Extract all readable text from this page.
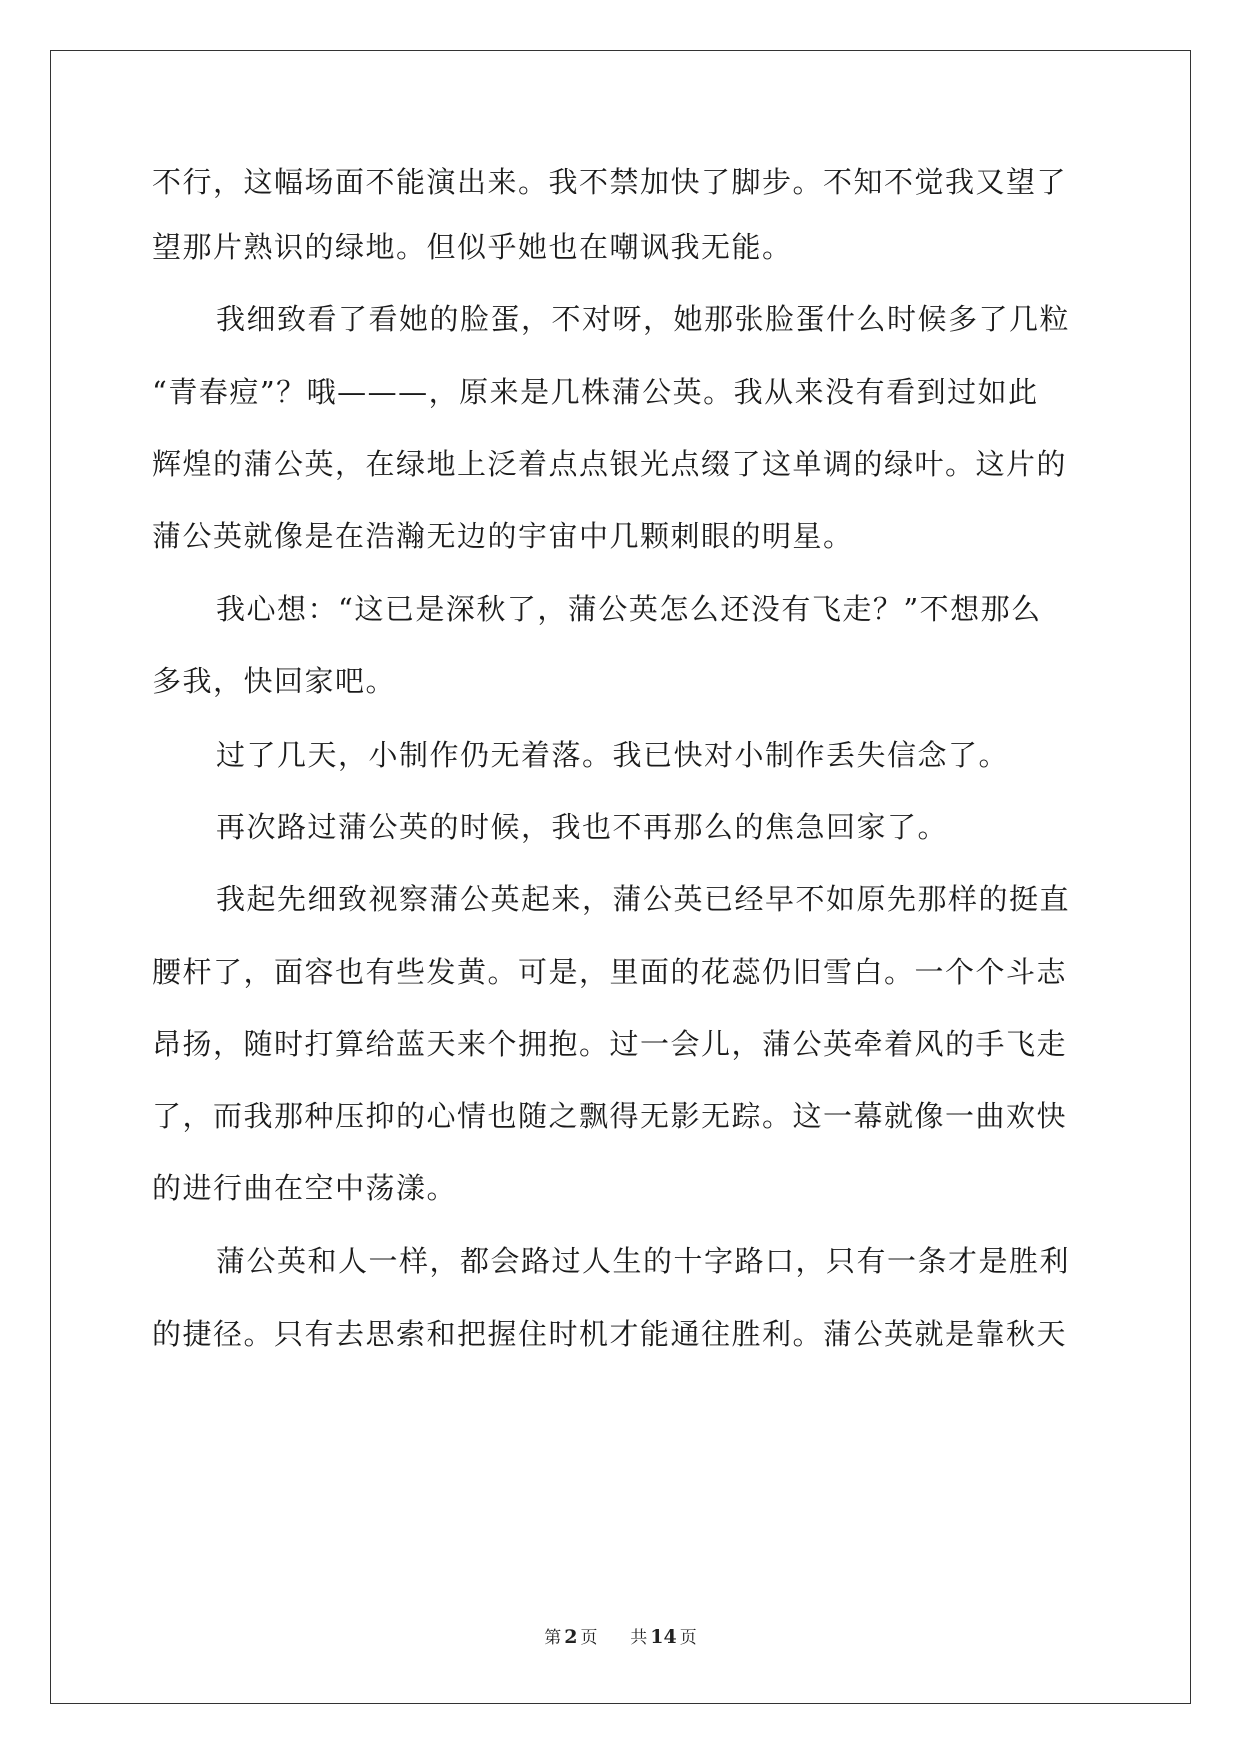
不行，这幅场面不能演出来。我不禁加快了脚步。不知不觉我又望了
望那片熟识的绿地。但似乎她也在嘲讽我无能。
我细致看了看她的脸蛋，不对呀，她那张脸蛋什么时候多了几粒
“青春痘”？哦———，原来是几株蒲公英。我从来没有看到过如此
辉煌的蒲公英，在绿地上泛着点点银光点缀了这单调的绿叶。这片的
蒲公英就像是在浩瀚无边的宇宙中几颗刺眼的明星。
我心想：“这已是深秋了，蒲公英怎么还没有飞走？”不想那么
多我，快回家吧。
过了几天，小制作仍无着落。我已快对小制作丢失信念了。
再次路过蒲公英的时候，我也不再那么的焦急回家了。
我起先细致视察蒲公英起来，蒲公英已经早不如原先那样的挺直
腰杆了，面容也有些发黄。可是，里面的花蕊仍旧雪白。一个个斗志
昂扬，随时打算给蓝天来个拥抱。过一会儿，蒲公英牵着风的手飞走
了，而我那种压抑的心情也随之飘得无影无踪。这一幕就像一曲欢快
的进行曲在空中荡漾。
蒲公英和人一样，都会路过人生的十字路口，只有一条才是胜利
的捷径。只有去思索和把握住时机才能通往胜利。蒲公英就是靠秋天
第 2 页 共 14 页
